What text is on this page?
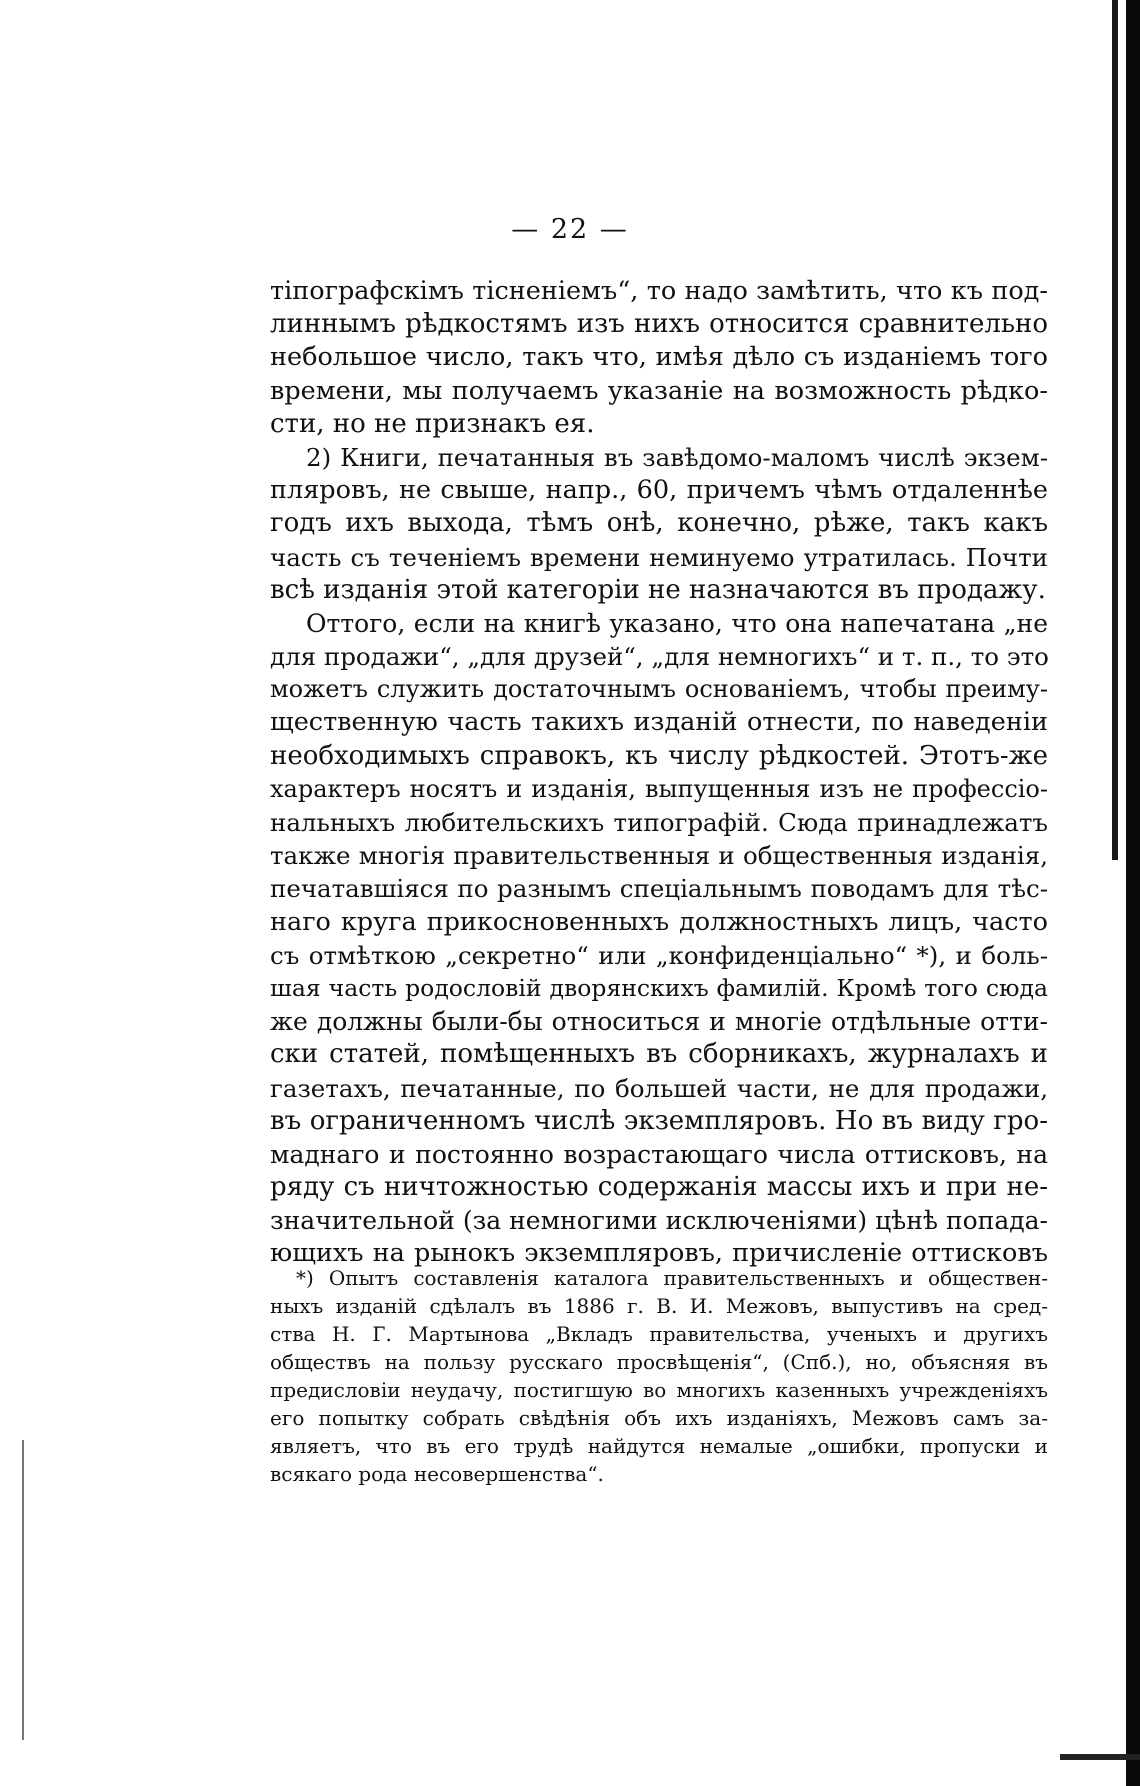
— 22 —
тiпографскiмъ тiсненiемъ“, то надо замѣтить, что къ под-
линнымъ рѣдкостямъ изъ нихъ относится сравнительно
небольшое число, такъ что, имѣя дѣло съ изданiемъ того
времени, мы получаемъ указанiе на возможность рѣдко-
сти, но не признакъ ея.
2) Книги, печатанныя въ завѣдомо-маломъ числѣ экзем-
пляровъ, не свыше, напр., 60, причемъ чѣмъ отдаленнѣе
годъ ихъ выхода, тѣмъ онѣ, конечно, рѣже, такъ какъ
часть съ теченiемъ времени неминуемо утратилась. Почти
всѣ изданiя этой категорiи не назначаются въ продажу.
Оттого, если на книгѣ указано, что она напечатана „не
для продажи“, „для друзей“, „для немногихъ“ и т. п., то это
можетъ служить достаточнымъ основанiемъ, чтобы преиму-
щественную часть такихъ изданiй отнести, по наведенiи
необходимыхъ справокъ, къ числу рѣдкостей. Этотъ-же
характеръ носятъ и изданiя, выпущенныя изъ не профессiо-
нальныхъ любительскихъ типографiй. Сюда принадлежатъ
также многiя правительственныя и общественныя изданiя,
печатавшiяся по разнымъ спецiальнымъ поводамъ для тѣс-
наго круга прикосновенныхъ должностныхъ лицъ, часто
съ отмѣткою „секретно“ или „конфиденцiально“ *), и боль-
шая часть родословiй дворянскихъ фамилiй. Кромѣ того сюда
же должны были-бы относиться и многiе отдѣльные отти-
ски статей, помѣщенныхъ въ сборникахъ, журналахъ и
газетахъ, печатанные, по большей части, не для продажи,
въ ограниченномъ числѣ экземпляровъ. Но въ виду гро-
маднаго и постоянно возрастающаго числа оттисковъ, на
ряду съ ничтожностью содержанiя массы ихъ и при не-
значительной (за немногими исключенiями) цѣнѣ попада-
ющихъ на рынокъ экземпляровъ, причисленiе оттисковъ
*) Опытъ составленiя каталога правительственныхъ и обществен-
ныхъ изданiй сдѣлалъ въ 1886 г. В. И. Межовъ, выпустивъ на сред-
ства Н. Г. Мартынова „Вкладъ правительства, ученыхъ и другихъ
обществъ на пользу русскаго просвѣщенiя“, (Спб.), но, объясняя въ
предисловiи неудачу, постигшую во многихъ казенныхъ учрежденiяхъ
его попытку собрать свѣдѣнiя объ ихъ изданiяхъ, Межовъ самъ за-
являетъ, что въ его трудѣ найдутся немалые „ошибки, пропуски и
всякаго рода несовершенства“.
